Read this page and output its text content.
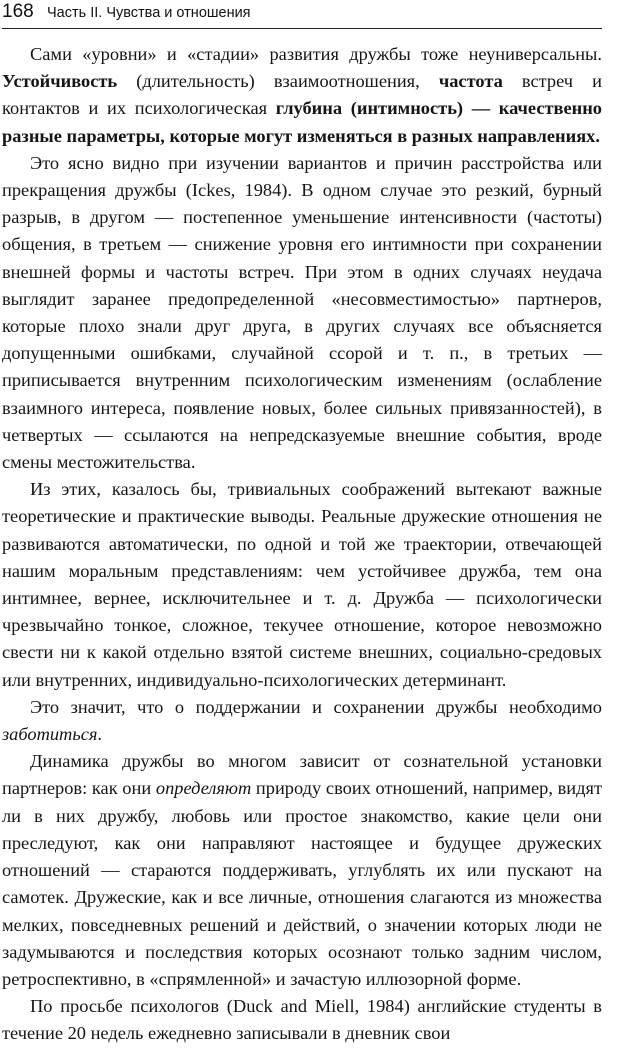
168 Часть II. Чувства и отношения

Сами «уровни» и «стадии» развития дружбы тоже неуниверсальны. Устойчивость (длительность) взаимоотношения, частота встреч и контактов и их психологическая глубина (интимность) — качественно разные параметры, которые могут изменяться в разных направлениях.

Это ясно видно при изучении вариантов и причин расстройства или прекращения дружбы (Ickes, 1984). В одном случае это резкий, бурный разрыв, в другом — постепенное уменьшение интенсивности (частоты) общения, в третьем — снижение уровня его интимности при сохранении внешней формы и частоты встреч. При этом в одних случаях неудача выглядит заранее предопределенной «несовместимостью» партнеров, которые плохо знали друг друга, в других случаях все объясняется допущенными ошибками, случайной ссорой и т. п., в третьих — приписывается внутренним психологическим изменениям (ослабление взаимного интереса, появление новых, более сильных привязанностей), в четвертых — ссылаются на непредсказуемые внешние события, вроде смены местожительства.

Из этих, казалось бы, тривиальных соображений вытекают важные теоретические и практические выводы. Реальные дружеские отношения не развиваются автоматически, по одной и той же траектории, отвечающей нашим моральным представлениям: чем устойчивее дружба, тем она интимнее, вернее, исключительнее и т. д. Дружба — психологически чрезвычайно тонкое, сложное, текучее отношение, которое невозможно свести ни к какой отдельно взятой системе внешних, социально-средовых или внутренних, индивидуально-психологических детерминант.

Это значит, что о поддержании и сохранении дружбы необходимо заботиться.

Динамика дружбы во многом зависит от сознательной установки партнеров: как они определяют природу своих отношений, например, видят ли в них дружбу, любовь или простое знакомство, какие цели они преследуют, как они направляют настоящее и будущее дружеских отношений — стараются поддерживать, углублять их или пускают на самотек. Дружеские, как и все личные, отношения слагаются из множества мелких, повседневных решений и действий, о значении которых люди не задумываются и последствия которых осознают только задним числом, ретроспективно, в «спрямленной» и зачастую иллюзорной форме.

По просьбе психологов (Duck and Miell, 1984) английские студенты в течение 20 недель ежедневно записывали в дневник свои
